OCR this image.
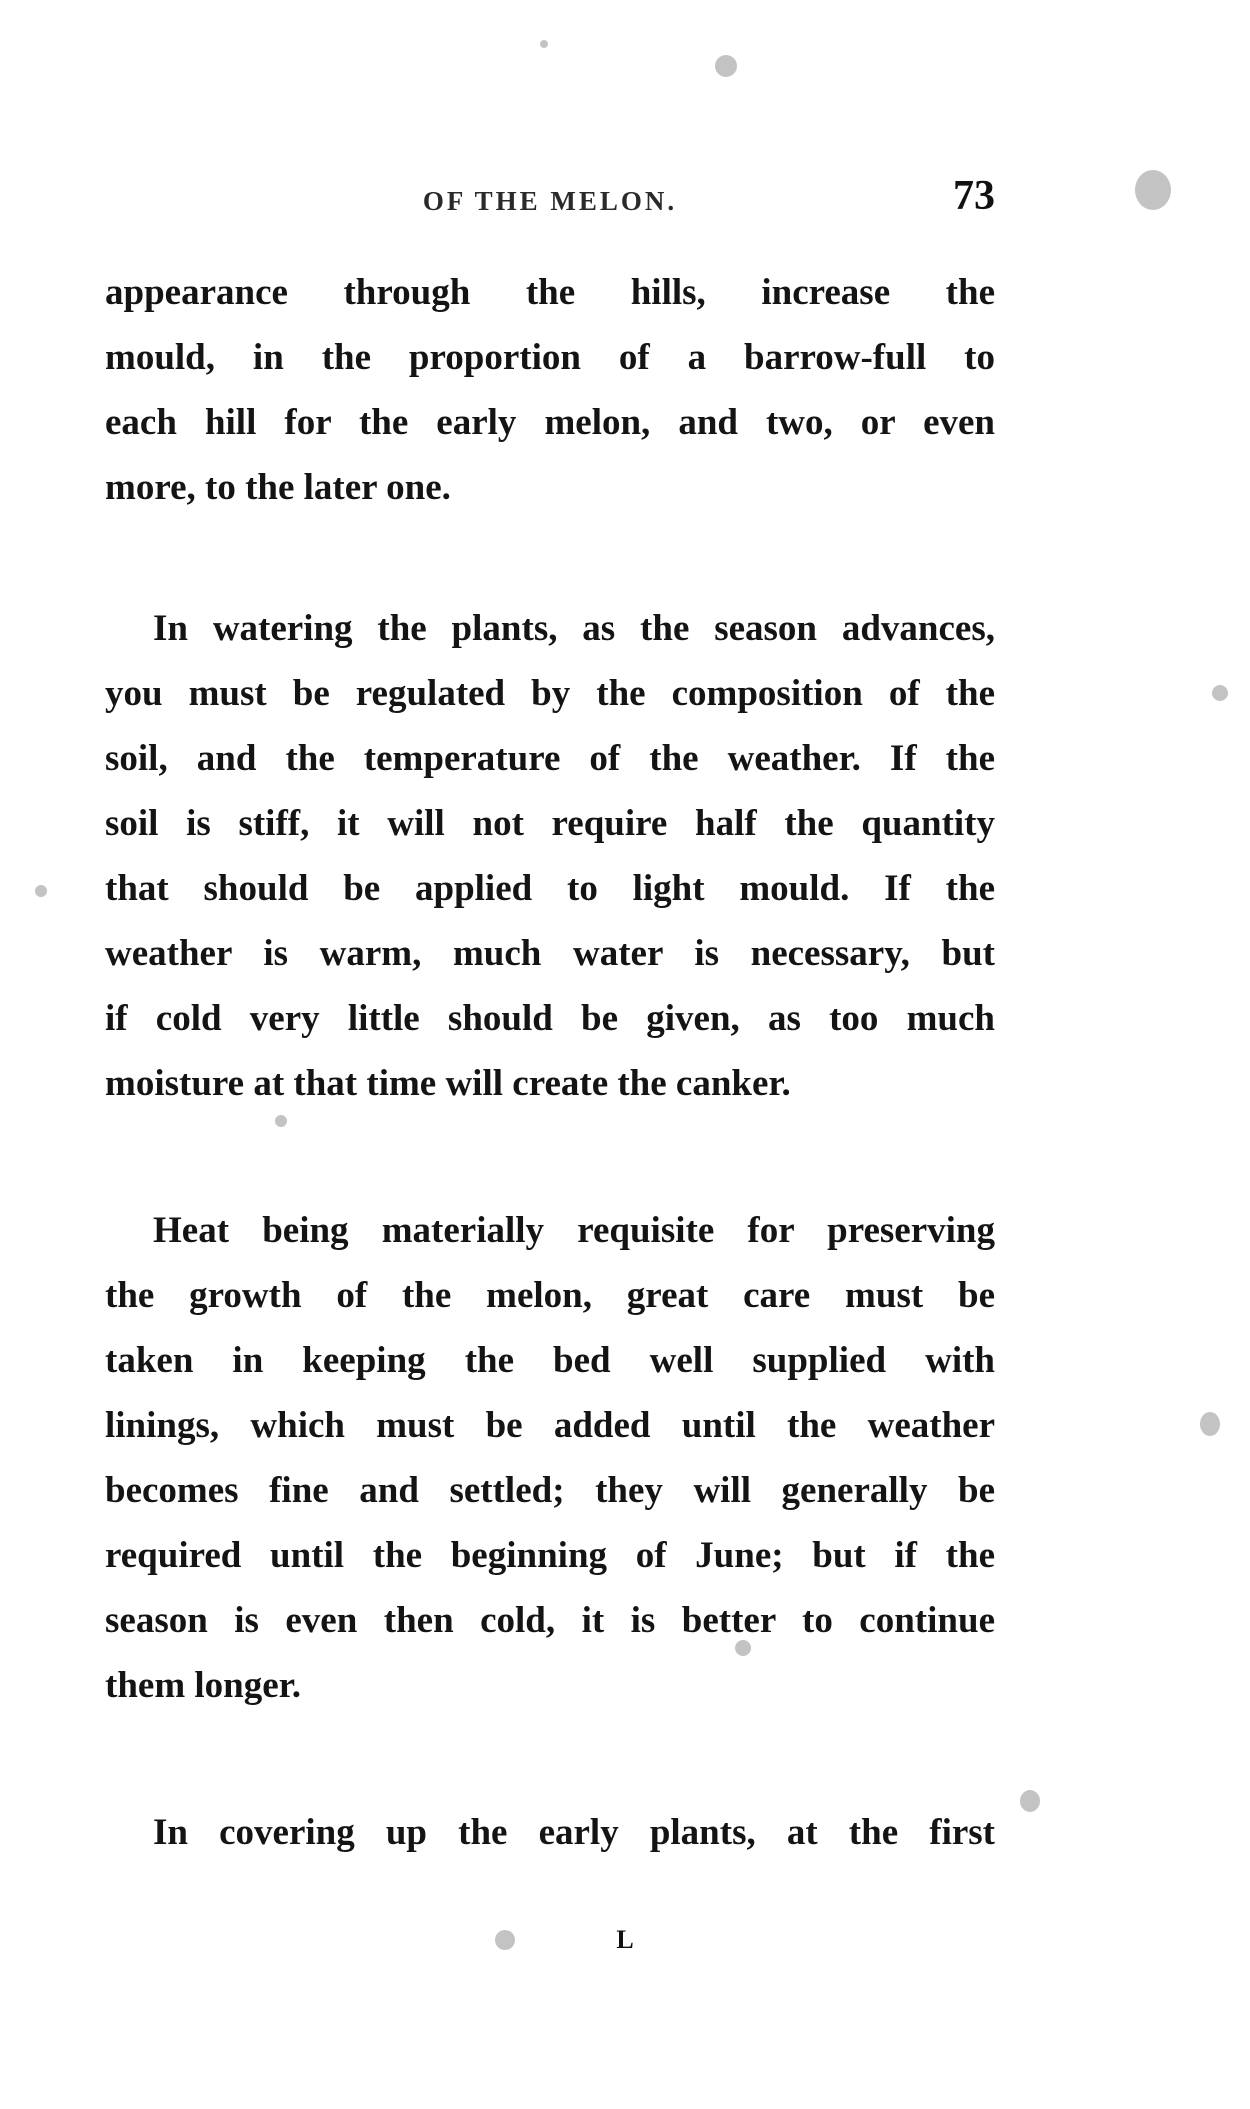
OF THE MELON.	73
appearance through the hills, increase the
mould, in the proportion of a barrow-full to
each hill for the early melon, and two, or even
more, to the later one.
In watering the plants, as the season advances,
you must be regulated by the composition of the
soil, and the temperature of the weather. If the
soil is stiff, it will not require half the quantity
that should be applied to light mould. If the
weather is warm, much water is necessary, but
if cold very little should be given, as too much
moisture at that time will create the canker.
Heat being materially requisite for preserving
the growth of the melon, great care must be
taken in keeping the bed well supplied with
linings, which must be added until the weather
becomes fine and settled; they will generally be
required until the beginning of June; but if the
season is even then cold, it is better to continue
them longer.
In covering up the early plants, at the first
L
